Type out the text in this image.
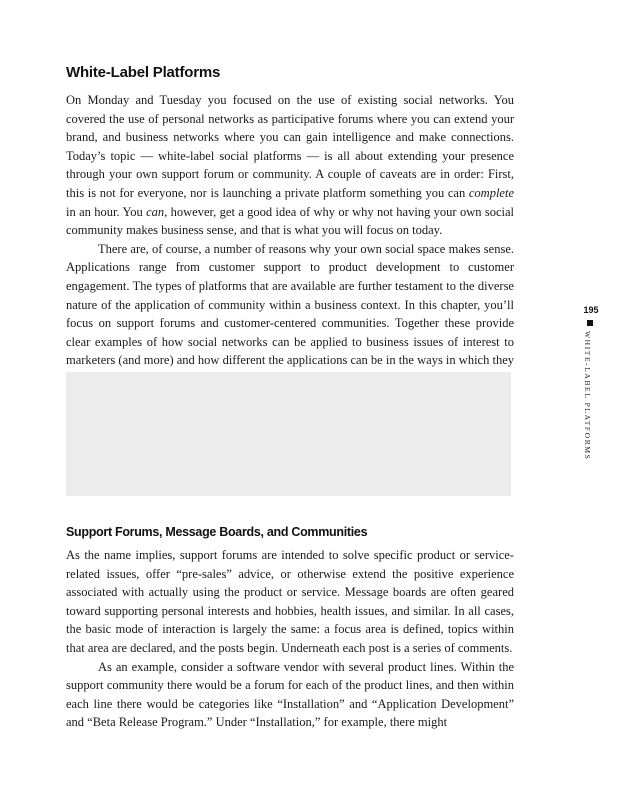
White-Label Platforms

On Monday and Tuesday you focused on the use of existing social networks. You covered the use of personal networks as participative forums where you can extend your brand, and business networks where you can gain intelligence and make connections. Today’s topic — white-label social platforms — is all about extending your presence through your own support forum or community. A couple of caveats are in order: First, this is not for everyone, nor is launching a private platform something you can complete in an hour. You can, however, get a good idea of why or why not having your own social community makes business sense, and that is what you will focus on today.

There are, of course, a number of reasons why your own social space makes sense. Applications range from customer support to product development to customer engagement. The types of platforms that are available are further testament to the diverse nature of the application of community within a business context. In this chapter, you’ll focus on support forums and customer-centered communities. Together these provide clear examples of how social networks can be applied to business issues of interest to marketers (and more) and how different the applications can be in the ways in which they

Support Forums, Message Boards, and Communities

As the name implies, support forums are intended to solve specific product or service-related issues, offer “pre-sales” advice, or otherwise extend the positive experience associated with actually using the product or service. Message boards are often geared toward supporting personal interests and hobbies, health issues, and similar. In all cases, the basic mode of interaction is largely the same: a focus area is defined, topics within that area are declared, and the posts begin. Underneath each post is a series of comments.

As an example, consider a software vendor with several product lines. Within the support community there would be a forum for each of the product lines, and then within each line there would be categories like “Installation” and “Application Development” and “Beta Release Program.” Under “Installation,” for example, there might

195
WHITE-LABEL PLATFORMS
